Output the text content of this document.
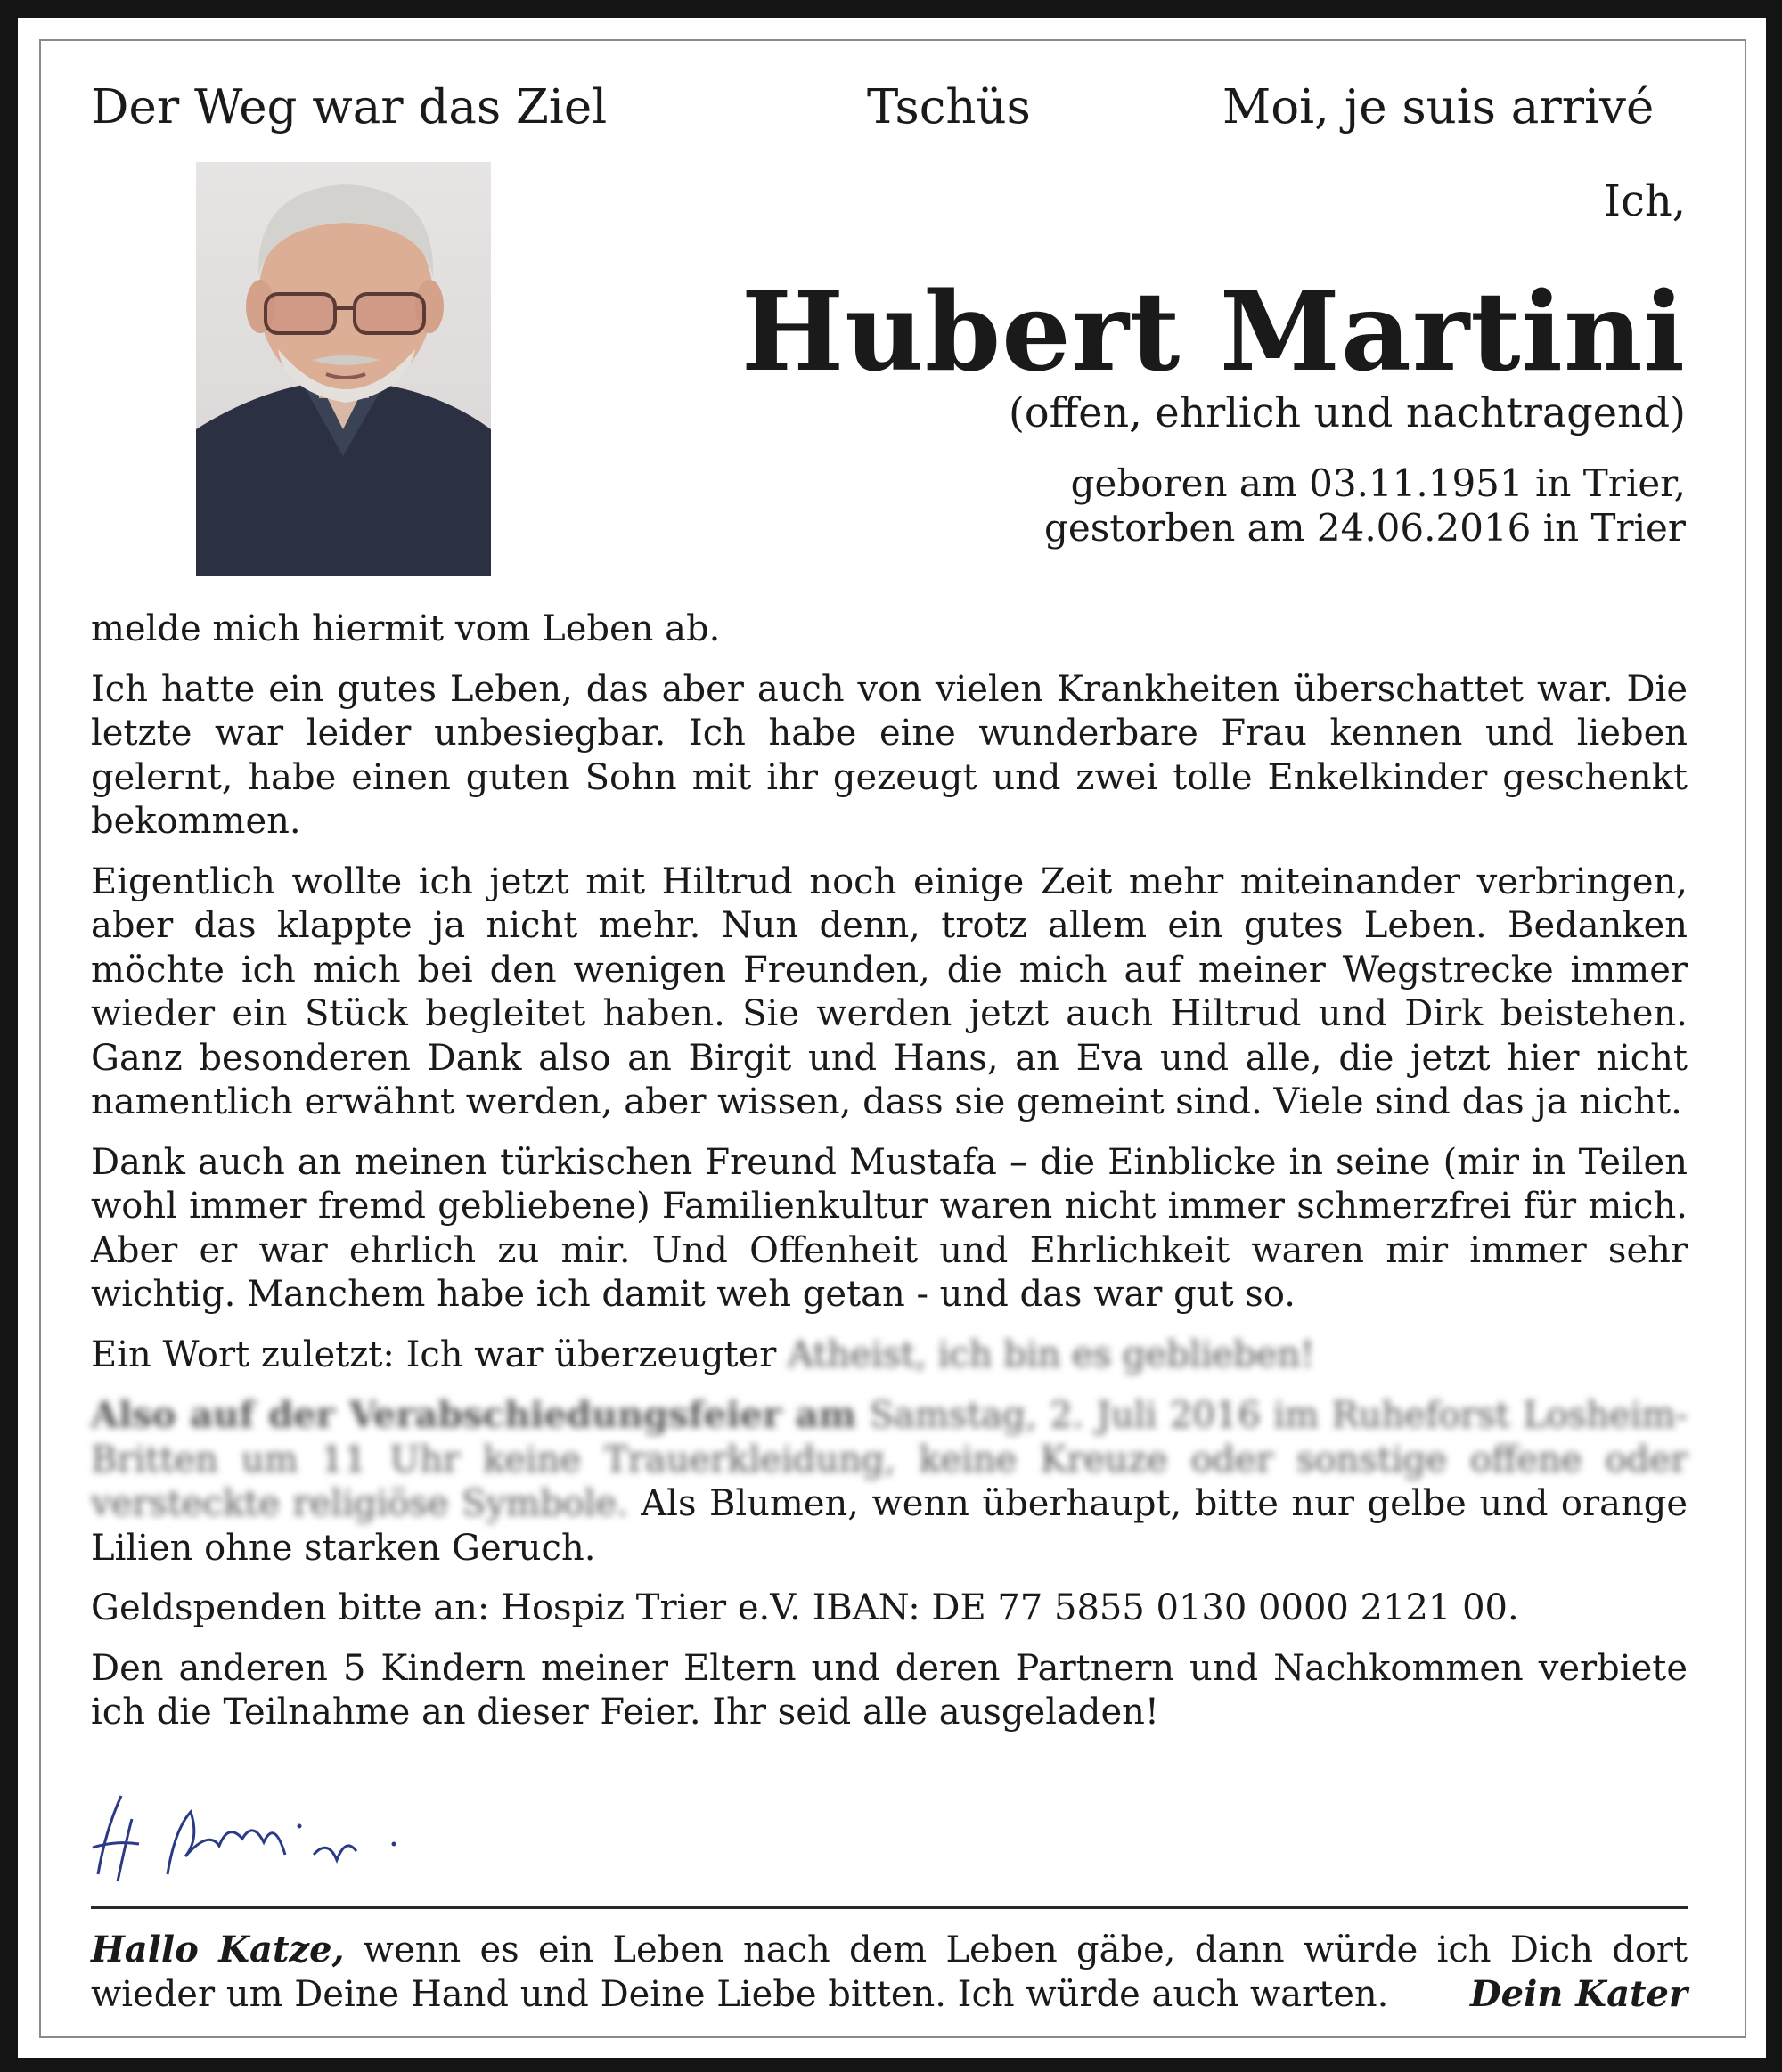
Der Weg war das Ziel	Tschüs	Moi, je suis arrivé
Ich,
Hubert Martini
(offen, ehrlich und nachtragend)
geboren am 03.11.1951 in Trier,
gestorben am 24.06.2016 in Trier

melde mich hiermit vom Leben ab.

Ich hatte ein gutes Leben, das aber auch von vielen Krankheiten überschattet war. Die letzte war leider unbesiegbar. Ich habe eine wunderbare Frau kennen und lieben gelernt, habe einen guten Sohn mit ihr gezeugt und zwei tolle Enkelkinder geschenkt bekommen.

Eigentlich wollte ich jetzt mit Hiltrud noch einige Zeit mehr miteinander verbringen, aber das klappte ja nicht mehr. Nun denn, trotz allem ein gutes Leben. Bedanken möchte ich mich bei den wenigen Freunden, die mich auf meiner Wegstrecke immer wieder ein Stück begleitet haben. Sie werden jetzt auch Hiltrud und Dirk beistehen. Ganz besonderen Dank also an Birgit und Hans, an Eva und alle, die jetzt hier nicht namentlich erwähnt werden, aber wissen, dass sie gemeint sind. Viele sind das ja nicht.

Dank auch an meinen türkischen Freund Mustafa – die Einblicke in seine (mir in Teilen wohl immer fremd gebliebene) Familienkultur waren nicht immer schmerzfrei für mich. Aber er war ehrlich zu mir. Und Offenheit und Ehrlichkeit waren mir immer sehr wichtig. Manchem habe ich damit weh getan - und das war gut so.

Ein Wort zuletzt: Ich war überzeugter Atheist, ich bin es geblieben!

Also auf der Verabschiedungsfeier am Samstag, 2. Juli 2016 im Ruheforst Losheim-Britten um 11 Uhr keine Trauerkleidung, keine Kreuze oder sonstige offene oder versteckte religiöse Symbole. Als Blumen, wenn überhaupt, bitte nur gelbe und orange Lilien ohne starken Geruch.

Geldspenden bitte an: Hospiz Trier e.V. IBAN: DE 77 5855 0130 0000 2121 00.

Den anderen 5 Kindern meiner Eltern und deren Partnern und Nachkommen verbiete ich die Teilnahme an dieser Feier. Ihr seid alle ausgeladen!

Hallo Katze, wenn es ein Leben nach dem Leben gäbe, dann würde ich Dich dort wieder um Deine Hand und Deine Liebe bitten. Ich würde auch warten. Dein Kater
